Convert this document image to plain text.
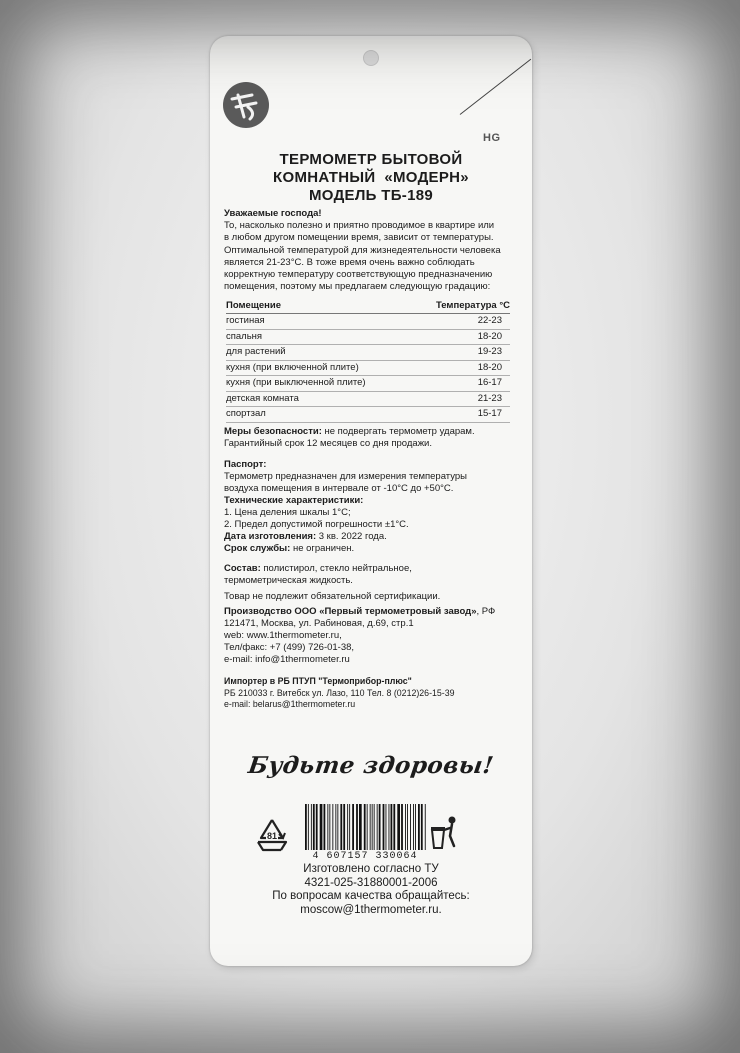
HG
ТЕРМОМЕТР БЫТОВОЙ
КОМНАТНЫЙ  «МОДЕРН»
МОДЕЛЬ ТБ-189
Уважаемые господа!
То, насколько полезно и приятно проводимое в квартире или
в любом другом помещении время, зависит от температуры.
Оптимальной температурой для жизнедеятельности человека
является 21-23°С. В тоже время очень важно соблюдать
корректную температуру соответствующую предназначению
помещения, поэтому мы предлагаем следующую градацию:
Помещение	Температура °С
гостиная	22-23
спальня	18-20
для растений	19-23
кухня (при включенной плите)	18-20
кухня (при выключенной плите)	16-17
детская комната	21-23
спортзал	15-17
Меры безопасности: не подвергать термометр ударам.
Гарантийный срок 12 месяцев со дня продажи.
Паспорт:
Термометр предназначен для измерения температуры
воздуха помещения в интервале от -10°С до +50°С.
Технические характеристики:
1. Цена деления шкалы 1°С;
2. Предел допустимой погрешности ±1°С.
Дата изготовления: 3 кв. 2022 года.
Срок службы: не ограничен.
Состав: полистирол, стекло нейтральное,
термометрическая жидкость.
Товар не подлежит обязательной сертификации.
Производство ООО «Первый термометровый завод», РФ
121471, Москва, ул. Рабиновая, д.69, стр.1
web: www.1thermometer.ru,
Тел/факс: +7 (499) 726-01-38,
e-mail: info@1thermometer.ru
Импортер в РБ ПТУП "Термоприбор-плюс"
РБ 210033 г. Витебск ул. Лазо, 110 Тел. 8 (0212)26-15-39
e-mail: belarus@1thermometer.ru
Будьте здоровы!
81
4 607157 330064
Изготовлено согласно ТУ
4321-025-31880001-2006
По вопросам качества обращайтесь:
moscow@1thermometer.ru.
